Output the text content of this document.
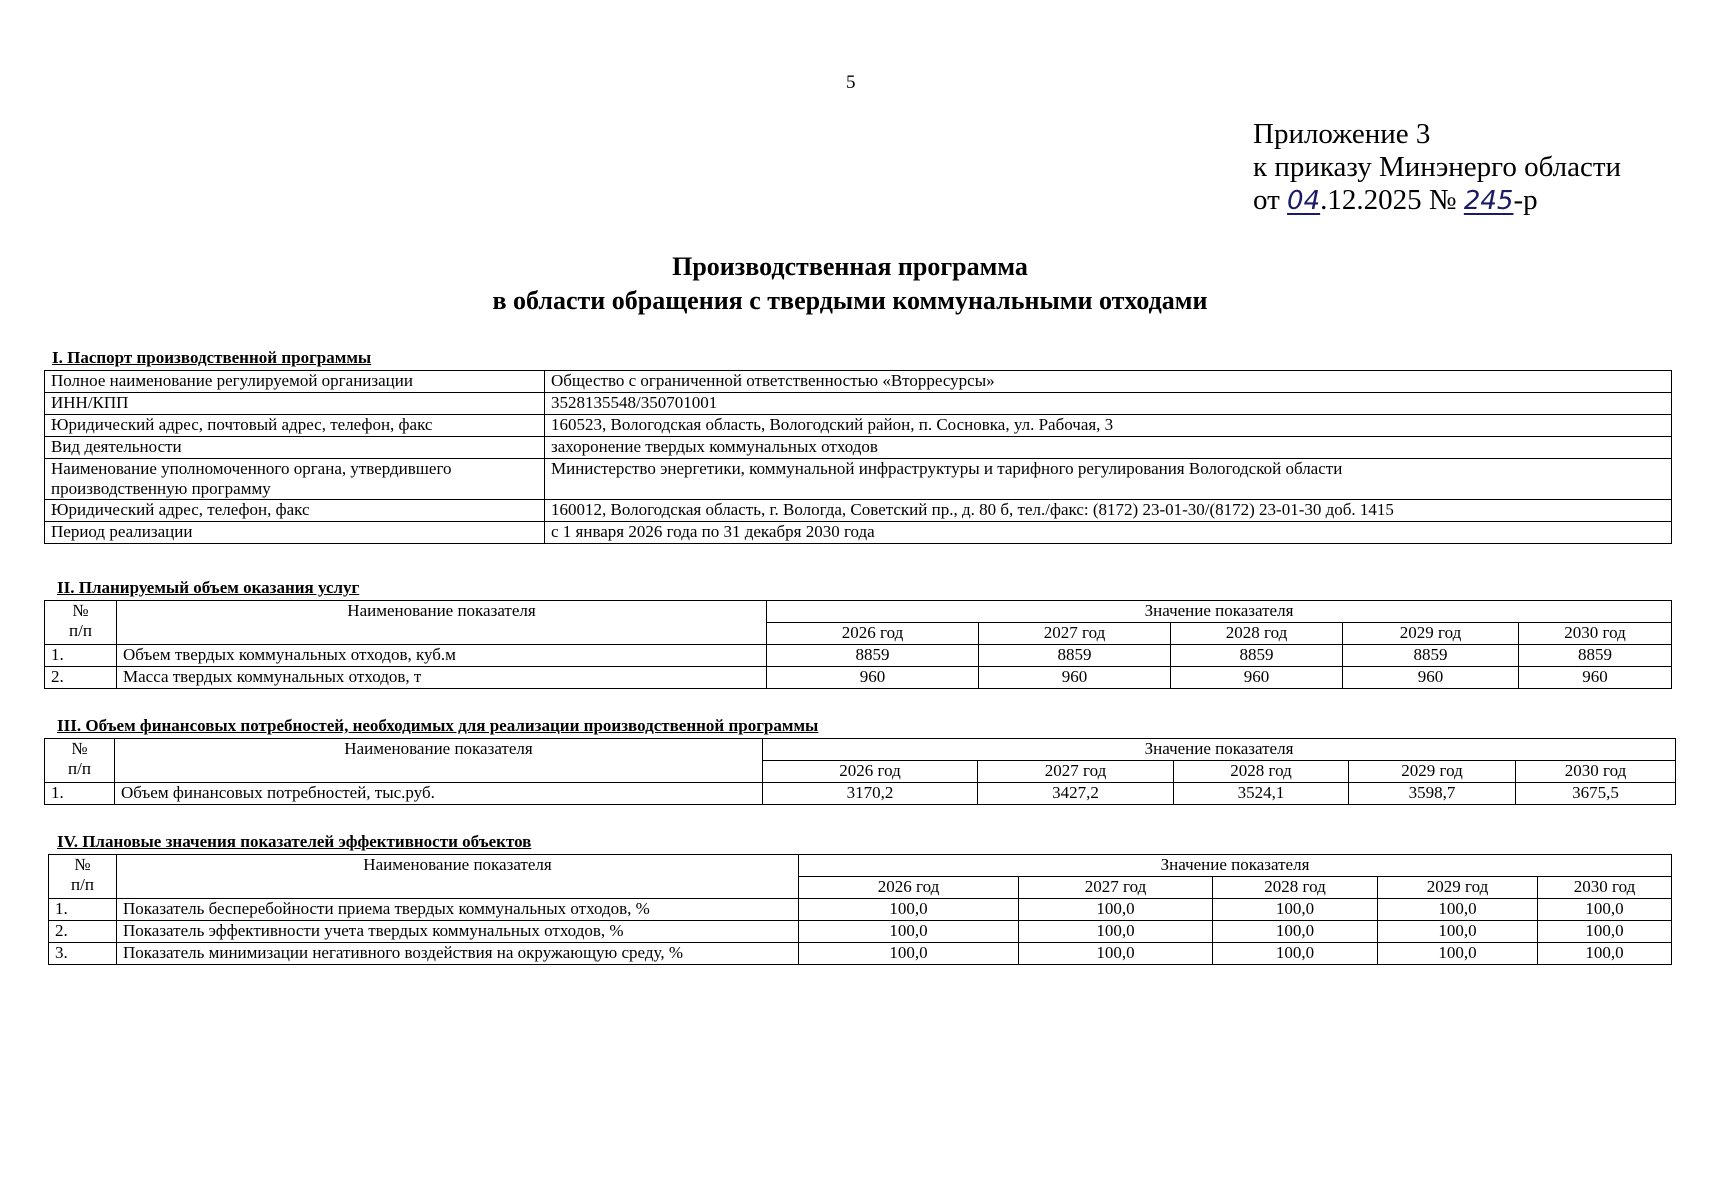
5
Приложение 3
к приказу Минэнерго области
от 04.12.2025 № 245-р
Производственная программа
в области обращения с твердыми коммунальными отходами
I. Паспорт производственной программы
Полное наименование регулируемой организации	Общество с ограниченной ответственностью «Вторресурсы»
ИНН/КПП	3528135548/350701001
Юридический адрес, почтовый адрес, телефон, факс	160523, Вологодская область, Вологодский район, п. Сосновка, ул. Рабочая, 3
Вид деятельности	захоронение твердых коммунальных отходов
Наименование уполномоченного органа, утвердившего производственную программу	Министерство энергетики, коммунальной инфраструктуры и тарифного регулирования Вологодской области
Юридический адрес, телефон, факс	160012, Вологодская область, г. Вологда, Советский пр., д. 80 б, тел./факс: (8172) 23-01-30/(8172) 23-01-30 доб. 1415
Период реализации	с 1 января 2026 года по 31 декабря 2030 года
II. Планируемый объем оказания услуг
№
п/п	Наименование показателя	Значение показателя				
		2026 год	2027 год	2028 год	2029 год	2030 год
1.	Объем твердых коммунальных отходов, куб.м	8859	8859	8859	8859	8859
2.	Масса твердых коммунальных отходов, т	960	960	960	960	960
III. Объем финансовых потребностей, необходимых для реализации производственной программы
№
п/п	Наименование показателя	Значение показателя				
		2026 год	2027 год	2028 год	2029 год	2030 год
1.	Объем финансовых потребностей, тыс.руб.	3170,2	3427,2	3524,1	3598,7	3675,5
IV. Плановые значения показателей эффективности объектов
№
п/п	Наименование показателя	Значение показателя				
		2026 год	2027 год	2028 год	2029 год	2030 год
1.	Показатель бесперебойности приема твердых коммунальных отходов, %	100,0	100,0	100,0	100,0	100,0
2.	Показатель эффективности учета твердых коммунальных отходов, %	100,0	100,0	100,0	100,0	100,0
3.	Показатель минимизации негативного воздействия на окружающую среду, %	100,0	100,0	100,0	100,0	100,0
